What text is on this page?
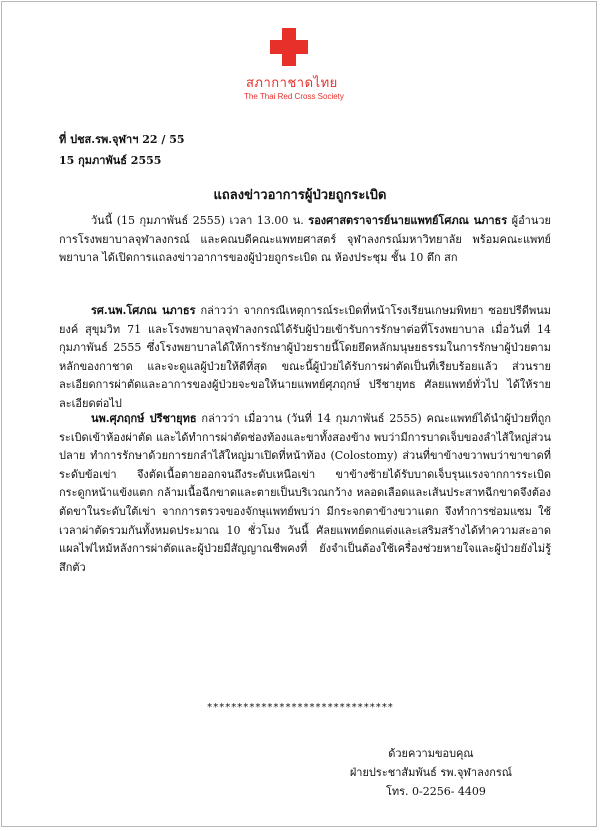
สภากาชาดไทย
The Thai Red Cross Society
ที่ ปชส.รพ.จุฬาฯ 22 / 55
15 กุมภาพันธ์ 2555
แถลงข่าวอาการผู้ป่วยถูกระเบิด
วันนี้ (15 กุมภาพันธ์ 2555) เวลา 13.00 น. รองศาสตราจารย์นายแพทย์โศภณ นภาธร ผู้อำนวยการโรงพยาบาลจุฬาลงกรณ์ และคณบดีคณะแพทยศาสตร์ จุฬาลงกรณ์มหาวิทยาลัย พร้อมคณะแพทย์ พยาบาล ได้เปิดการแถลงข่าวอาการของผู้ป่วยถูกระเบิด ณ ห้องประชุม ชั้น 10 ตึก สก
รศ.นพ.โศภณ นภาธร กล่าวว่า จากกรณีเหตุการณ์ระเบิดที่หน้าโรงเรียนเกษมพิทยา ซอยปรีดีพนมยงค์ สุขุมวิท 71 และโรงพยาบาลจุฬาลงกรณ์ได้รับผู้ป่วยเข้ารับการรักษาต่อที่โรงพยาบาล เมื่อวันที่ 14 กุมภาพันธ์ 2555 ซึ่งโรงพยาบาลได้ให้การรักษาผู้ป่วยรายนี้โดยยึดหลักมนุษยธรรมในการรักษาผู้ป่วยตามหลักของกาชาด และจะดูแลผู้ป่วยให้ดีที่สุด ขณะนี้ผู้ป่วยได้รับการผ่าตัดเป็นที่เรียบร้อยแล้ว ส่วนรายละเอียดการผ่าตัดและอาการของผู้ป่วยจะขอให้นายแพทย์ศุภฤกษ์ ปรีชายุทธ ศัลยแพทย์ทั่วไป ได้ให้รายละเอียดต่อไป
นพ.ศุภฤกษ์ ปรีชายุทธ กล่าวว่า เมื่อวาน (วันที่ 14 กุมภาพันธ์ 2555) คณะแพทย์ได้นำผู้ป่วยที่ถูกระเบิดเข้าห้องผ่าตัด และได้ทำการผ่าตัดช่องท้องและขาทั้งสองข้าง พบว่ามีการบาดเจ็บของลำไส้ใหญ่ส่วนปลาย ทำการรักษาด้วยการยกลำไส้ใหญ่มาเปิดที่หน้าท้อง (Colostomy) ส่วนที่ขาข้างขวาพบว่าขาขาดที่ระดับข้อเข่า จึงตัดเนื้อตายออกจนถึงระดับเหนือเข่า ขาข้างซ้ายได้รับบาดเจ็บรุนแรงจากการระเบิด กระดูกหน้าแข้งแตก กล้ามเนื้อฉีกขาดและตายเป็นบริเวณกว้าง หลอดเลือดและเส้นประสาทฉีกขาดจึงต้องตัดขาในระดับใต้เข่า จากการตรวจของจักษุแพทย์พบว่า มีกระจกตาข้างขวาแตก จึงทำการซ่อมแซม ใช้เวลาผ่าตัดรวมกันทั้งหมดประมาณ 10 ชั่วโมง วันนี้ ศัลยแพทย์ตกแต่งและเสริมสร้างได้ทำความสะอาดแผลไฟไหม้หลังการผ่าตัดและผู้ป่วยมีสัญญาณชีพคงที่ ยังจำเป็นต้องใช้เครื่องช่วยหายใจและผู้ป่วยยังไม่รู้สึกตัว
*******************************
ด้วยความขอบคุณ
ฝ่ายประชาสัมพันธ์ รพ.จุฬาลงกรณ์
โทร. 0-2256- 4409
